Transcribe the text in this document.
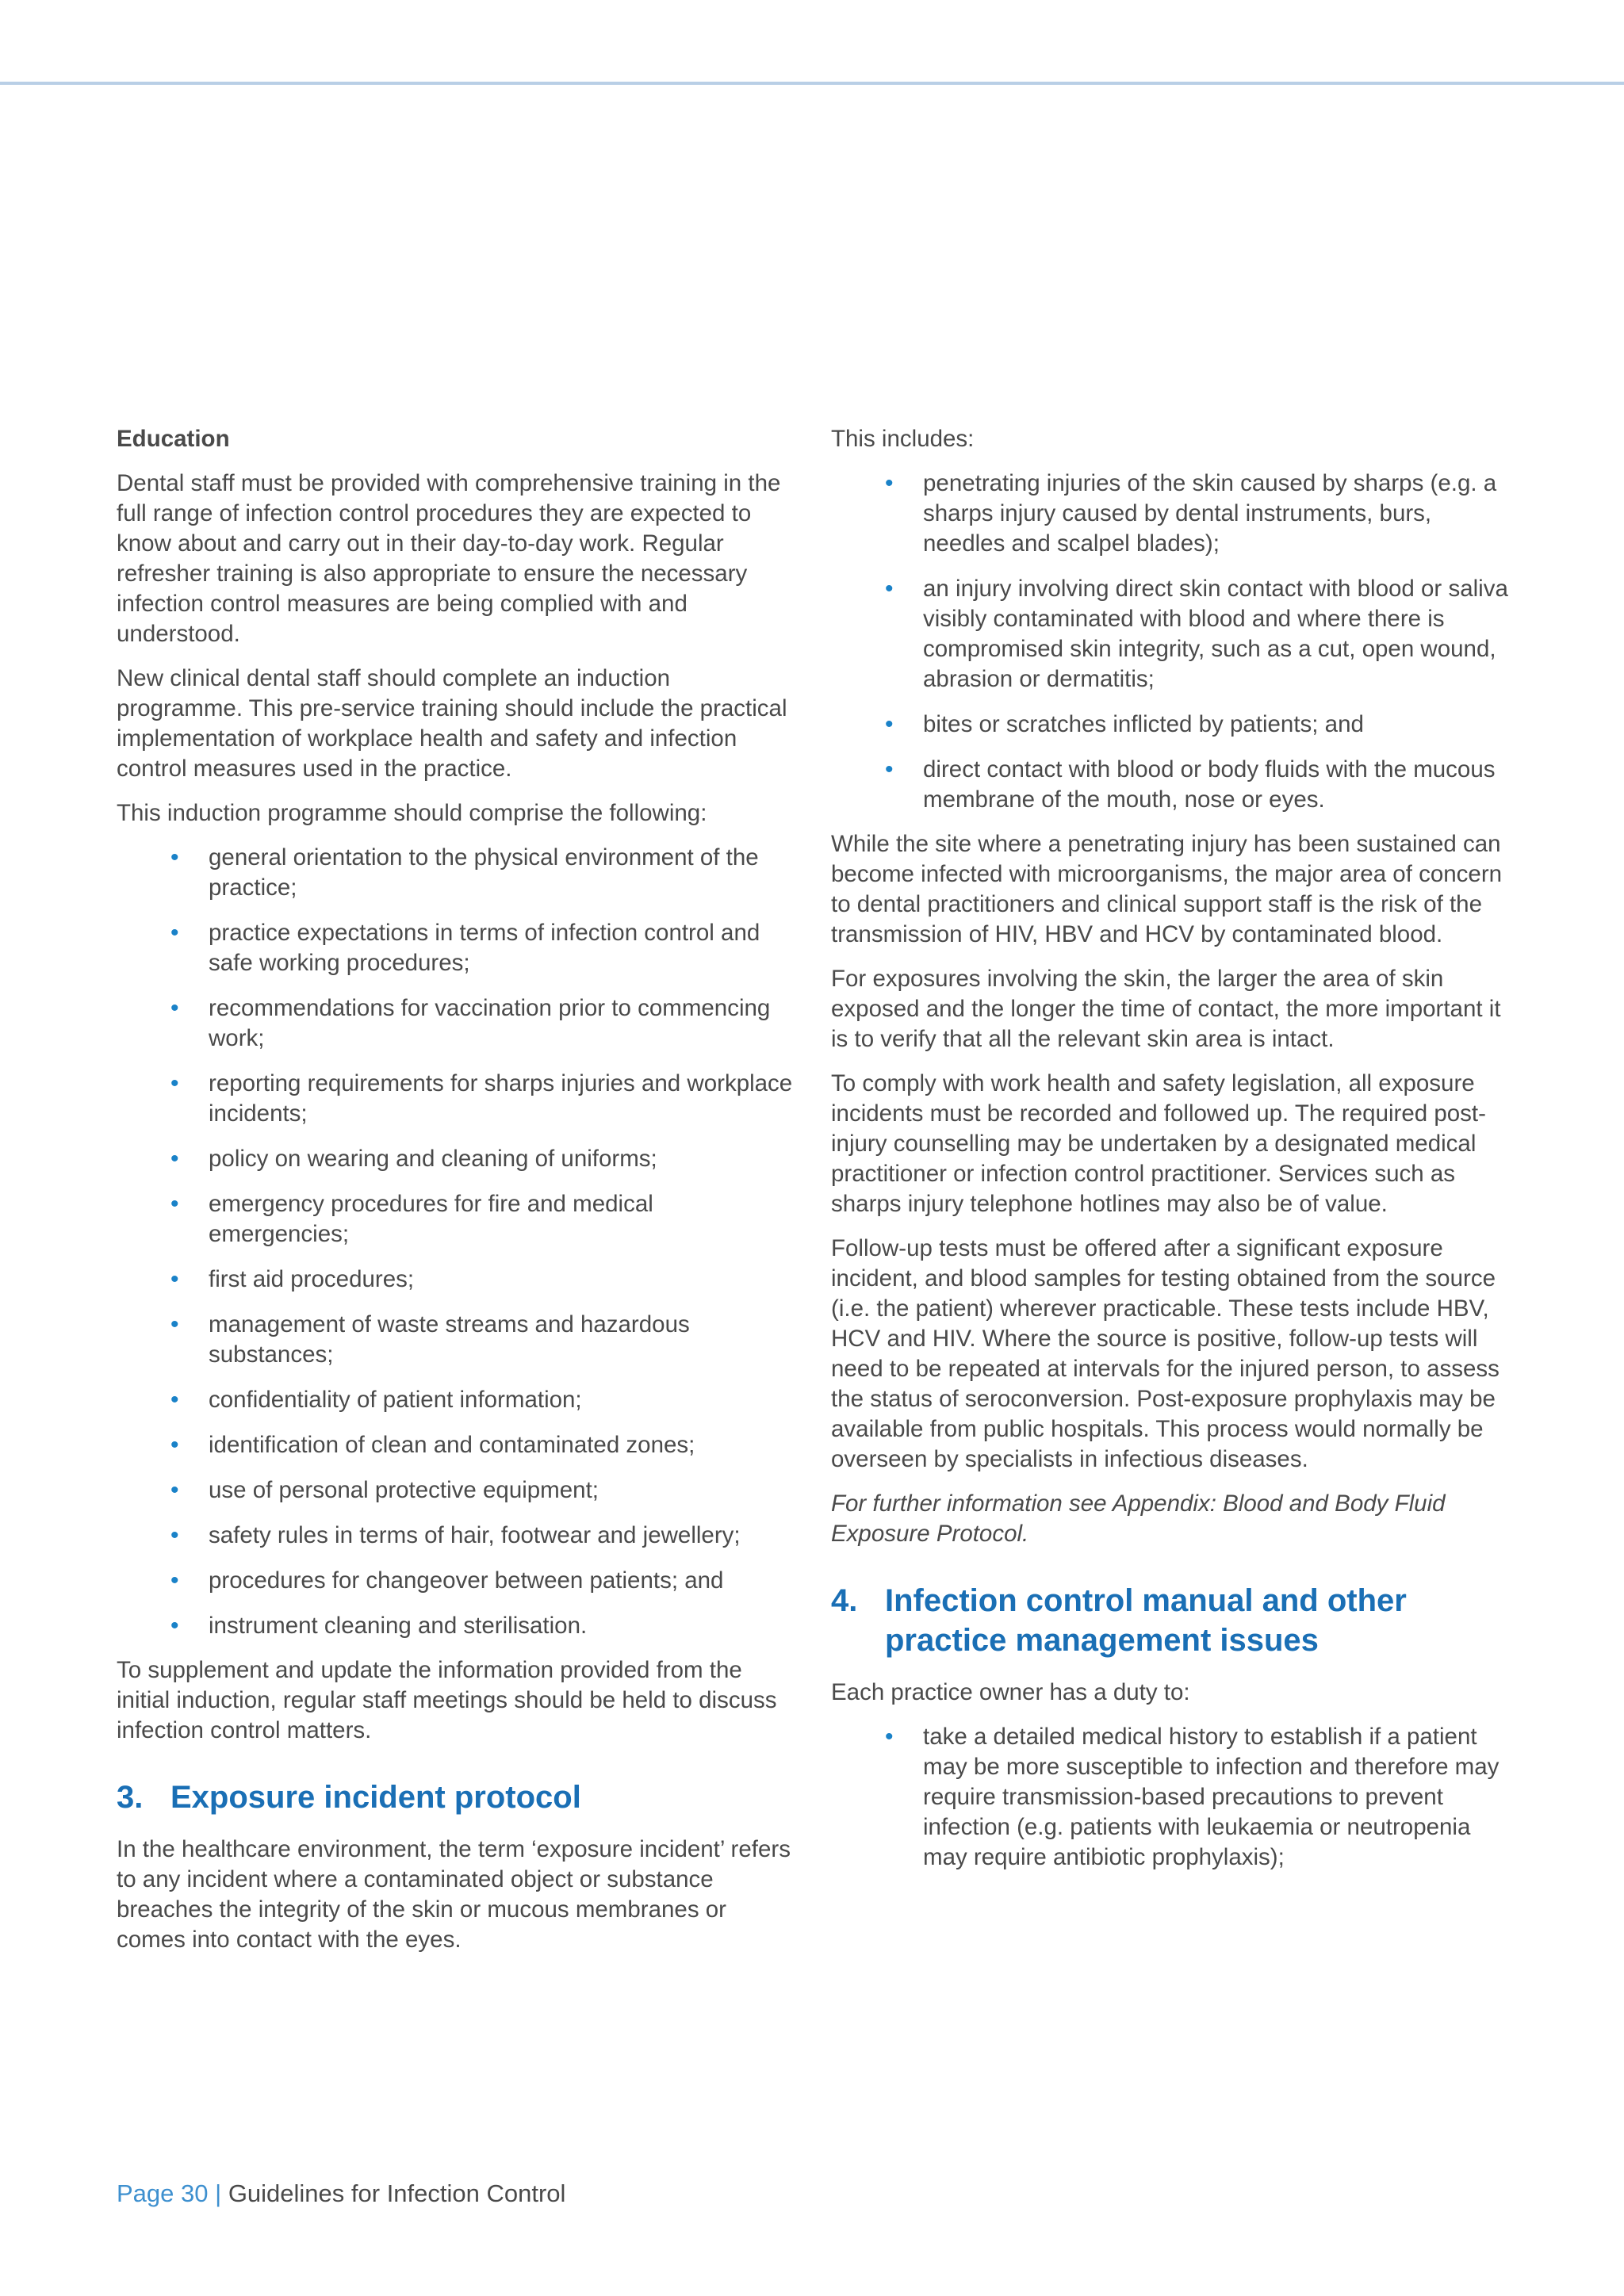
Education

Dental staff must be provided with comprehensive training in the full range of infection control procedures they are expected to know about and carry out in their day-to-day work. Regular refresher training is also appropriate to ensure the necessary infection control measures are being complied with and understood.

New clinical dental staff should complete an induction programme. This pre-service training should include the practical implementation of workplace health and safety and infection control measures used in the practice.

This induction programme should comprise the following:

• general orientation to the physical environment of the practice;
• practice expectations in terms of infection control and safe working procedures;
• recommendations for vaccination prior to commencing work;
• reporting requirements for sharps injuries and workplace incidents;
• policy on wearing and cleaning of uniforms;
• emergency procedures for fire and medical emergencies;
• first aid procedures;
• management of waste streams and hazardous substances;
• confidentiality of patient information;
• identification of clean and contaminated zones;
• use of personal protective equipment;
• safety rules in terms of hair, footwear and jewellery;
• procedures for changeover between patients; and
• instrument cleaning and sterilisation.

To supplement and update the information provided from the initial induction, regular staff meetings should be held to discuss infection control matters.

3. Exposure incident protocol

In the healthcare environment, the term ‘exposure incident’ refers to any incident where a contaminated object or substance breaches the integrity of the skin or mucous membranes or comes into contact with the eyes.

This includes:

• penetrating injuries of the skin caused by sharps (e.g. a sharps injury caused by dental instruments, burs, needles and scalpel blades);
• an injury involving direct skin contact with blood or saliva visibly contaminated with blood and where there is compromised skin integrity, such as a cut, open wound, abrasion or dermatitis;
• bites or scratches inflicted by patients; and
• direct contact with blood or body fluids with the mucous membrane of the mouth, nose or eyes.

While the site where a penetrating injury has been sustained can become infected with microorganisms, the major area of concern to dental practitioners and clinical support staff is the risk of the transmission of HIV, HBV and HCV by contaminated blood.

For exposures involving the skin, the larger the area of skin exposed and the longer the time of contact, the more important it is to verify that all the relevant skin area is intact.

To comply with work health and safety legislation, all exposure incidents must be recorded and followed up. The required post-injury counselling may be undertaken by a designated medical practitioner or infection control practitioner. Services such as sharps injury telephone hotlines may also be of value.

Follow-up tests must be offered after a significant exposure incident, and blood samples for testing obtained from the source (i.e. the patient) wherever practicable. These tests include HBV, HCV and HIV. Where the source is positive, follow-up tests will need to be repeated at intervals for the injured person, to assess the status of seroconversion. Post-exposure prophylaxis may be available from public hospitals. This process would normally be overseen by specialists in infectious diseases.

For further information see Appendix: Blood and Body Fluid Exposure Protocol.

4. Infection control manual and other practice management issues

Each practice owner has a duty to:

• take a detailed medical history to establish if a patient may be more susceptible to infection and therefore may require transmission-based precautions to prevent infection (e.g. patients with leukaemia or neutropenia may require antibiotic prophylaxis);
Page 30 | Guidelines for Infection Control
